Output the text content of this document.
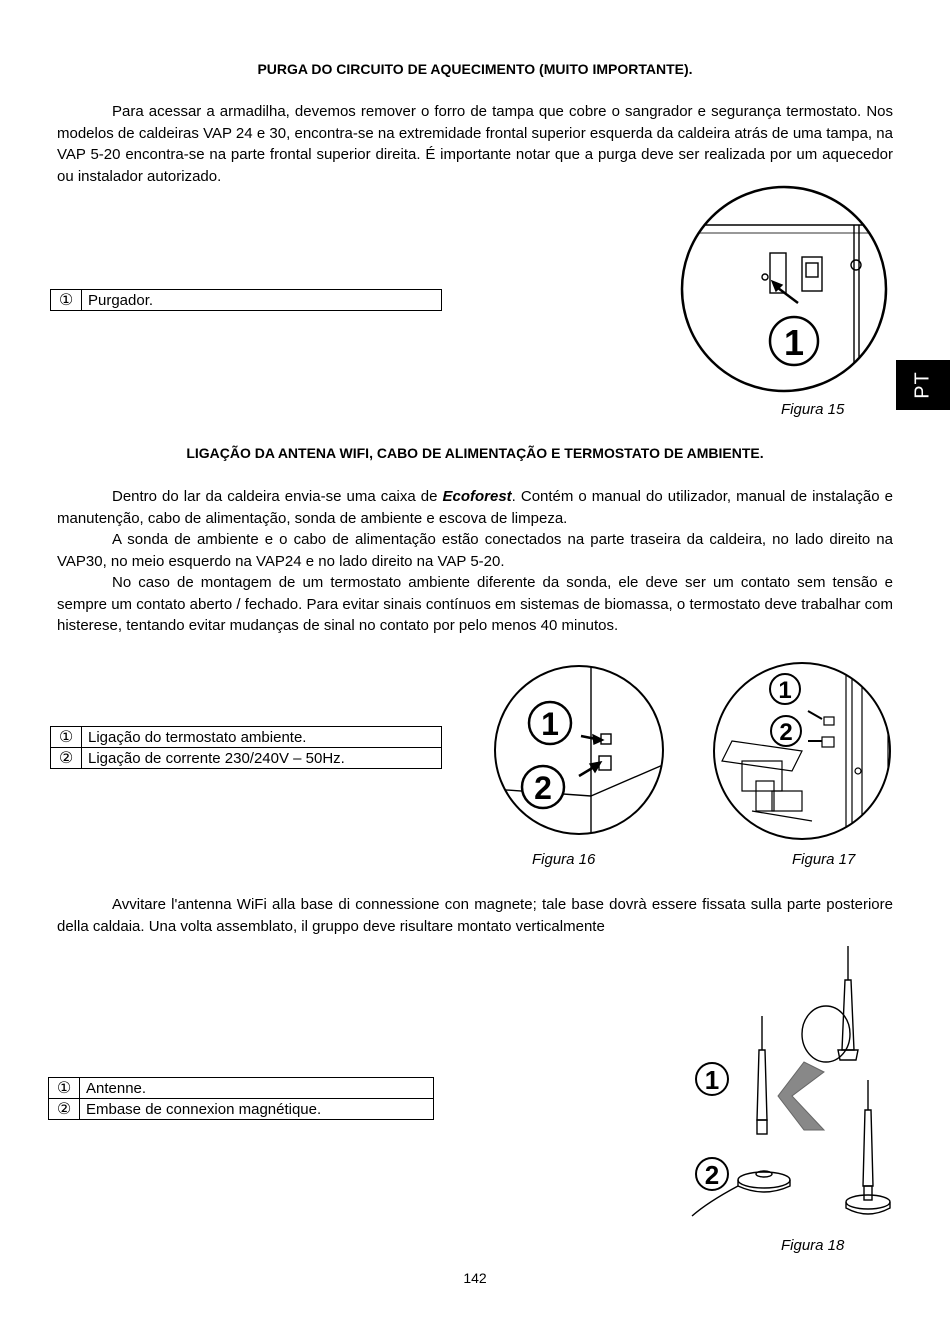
PURGA DO CIRCUITO DE AQUECIMENTO (MUITO IMPORTANTE).

Para acessar a armadilha, devemos remover o forro de tampa que cobre o sangrador e segurança termostato. Nos modelos de caldeiras VAP 24 e 30, encontra-se na extremidade frontal superior esquerda da caldeira atrás de uma tampa, na VAP 5-20 encontra-se na parte frontal superior direita. É importante notar que a purga deve ser realizada por um aquecedor ou instalador autorizado.

①	Purgador.
1
Figura 15
PT
LIGAÇÃO DA ANTENA WIFI, CABO DE ALIMENTAÇÃO E TERMOSTATO DE AMBIENTE.

Dentro do lar da caldeira envia-se uma caixa de Ecoforest. Contém o manual do utilizador, manual de instalação e manutenção, cabo de alimentação, sonda de ambiente e escova de limpeza.

A sonda de ambiente e o cabo de alimentação estão conectados na parte traseira da caldeira, no lado direito na VAP30, no meio esquerdo na VAP24 e no lado direito na VAP 5-20.

No caso de montagem de um termostato ambiente diferente da sonda, ele deve ser um contato sem tensão e sempre um contato aberto / fechado. Para evitar sinais contínuos em sistemas de biomassa, o termostato deve trabalhar com histerese, tentando evitar mudanças de sinal no contato por pelo menos 40 minutos.

①	Ligação do termostato ambiente.
②	Ligação de corrente 230/240V – 50Hz.
1
2
Figura 16
1
2
Figura 17

Avvitare l'antenna WiFi alla base di connessione con magnete; tale base dovrà essere fissata sulla parte posteriore della caldaia. Una volta assemblato, il gruppo deve risultare montato verticalmente

①	Antenne.
②	Embase de connexion magnétique.
1
2
Figura 18
142
